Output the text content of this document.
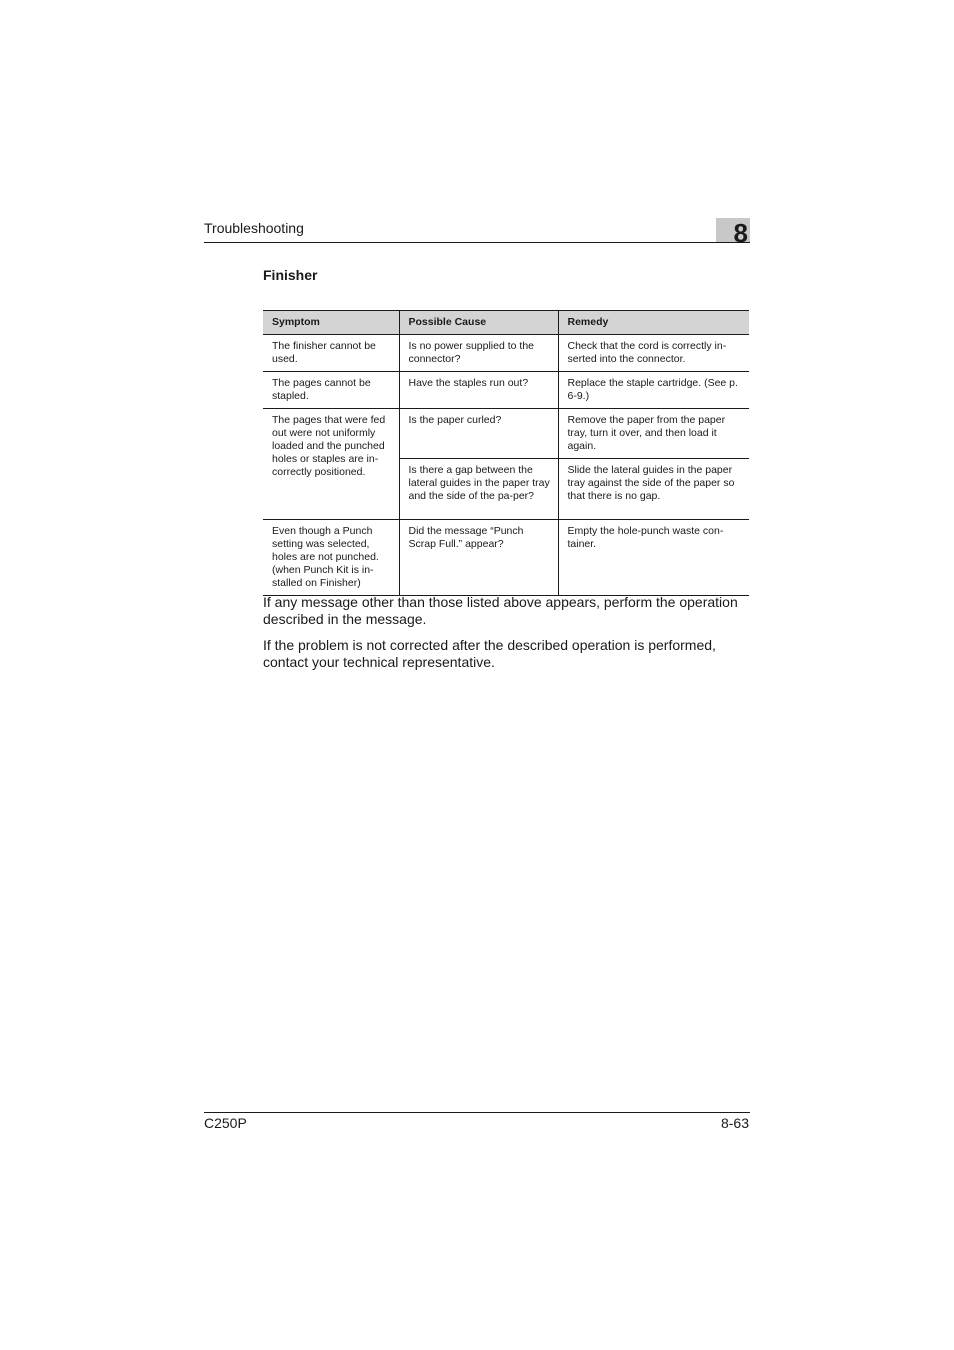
Troubleshooting	8
Finisher
Symptom	Possible Cause	Remedy
The finisher cannot be used.	Is no power supplied to the connector?	Check that the cord is correctly in-serted into the connector.
The pages cannot be stapled.	Have the staples run out?	Replace the staple cartridge. (See p. 6-9.)
The pages that were fed out were not uniformly loaded and the punched holes or staples are in-correctly positioned.	Is the paper curled?	Remove the paper from the paper tray, turn it over, and then load it again.
	Is there a gap between the lateral guides in the paper tray and the side of the pa-per?	Slide the lateral guides in the paper tray against the side of the paper so that there is no gap.
Even though a Punch setting was selected, holes are not punched. (when Punch Kit is in-stalled on Finisher)	Did the message “Punch Scrap Full.” appear?	Empty the hole-punch waste con-tainer.
If any message other than those listed above appears, perform the operation described in the message.
If the problem is not corrected after the described operation is performed, contact your technical representative.
C250P	8-63
